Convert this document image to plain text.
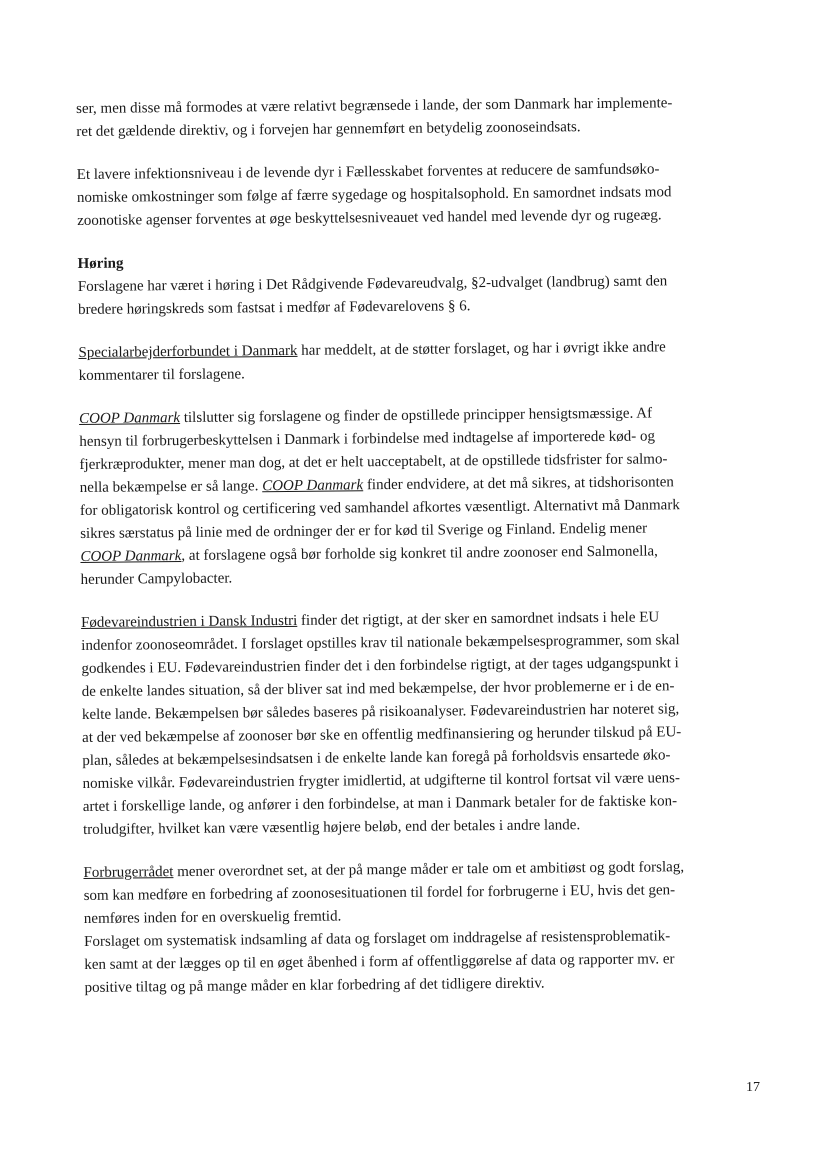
ser, men disse må formodes at være relativt begrænsede i lande, der som Danmark har implemente-
ret det gældende direktiv, og i forvejen har gennemført en betydelig zoonoseindsats.

Et lavere infektionsniveau i de levende dyr i Fællesskabet forventes at reducere de samfundsøko-
nomiske omkostninger som følge af færre sygedage og hospitalsophold. En samordnet indsats mod
zoonotiske agenser forventes at øge beskyttelsesniveauet ved handel med levende dyr og rugeæg.

Høring
Forslagene har været i høring i Det Rådgivende Fødevareudvalg, §2-udvalget (landbrug) samt den
bredere høringskreds som fastsat i medfør af Fødevarelovens § 6.

Specialarbejderforbundet i Danmark har meddelt, at de støtter forslaget, og har i øvrigt ikke andre
kommentarer til forslagene.

COOP Danmark tilslutter sig forslagene og finder de opstillede principper hensigtsmæssige. Af
hensyn til forbrugerbeskyttelsen i Danmark i forbindelse med indtagelse af importerede kød- og
fjerkræprodukter, mener man dog, at det er helt uacceptabelt, at de opstillede tidsfrister for salmo-
nella bekæmpelse er så lange. COOP Danmark finder endvidere, at det må sikres, at tidshorisonten
for obligatorisk kontrol og certificering ved samhandel afkortes væsentligt. Alternativt må Danmark
sikres særstatus på linie med de ordninger der er for kød til Sverige og Finland. Endelig mener
COOP Danmark, at forslagene også bør forholde sig konkret til andre zoonoser end Salmonella,
herunder Campylobacter.

Fødevareindustrien i Dansk Industri finder det rigtigt, at der sker en samordnet indsats i hele EU
indenfor zoonoseområdet. I forslaget opstilles krav til nationale bekæmpelsesprogrammer, som skal
godkendes i EU. Fødevareindustrien finder det i den forbindelse rigtigt, at der tages udgangspunkt i
de enkelte landes situation, så der bliver sat ind med bekæmpelse, der hvor problemerne er i de en-
kelte lande. Bekæmpelsen bør således baseres på risikoanalyser. Fødevareindustrien har noteret sig,
at der ved bekæmpelse af zoonoser bør ske en offentlig medfinansiering og herunder tilskud på EU-
plan, således at bekæmpelsesindsatsen i de enkelte lande kan foregå på forholdsvis ensartede øko-
nomiske vilkår. Fødevareindustrien frygter imidlertid, at udgifterne til kontrol fortsat vil være uens-
artet i forskellige lande, og anfører i den forbindelse, at man i Danmark betaler for de faktiske kon-
troludgifter, hvilket kan være væsentlig højere beløb, end der betales i andre lande.

Forbrugerrådet mener overordnet set, at der på mange måder er tale om et ambitiøst og godt forslag,
som kan medføre en forbedring af zoonosesituationen til fordel for forbrugerne i EU, hvis det gen-
nemføres inden for en overskuelig fremtid.

Forslaget om systematisk indsamling af data og forslaget om inddragelse af resistensproblematik-
ken samt at der lægges op til en øget åbenhed i form af offentliggørelse af data og rapporter mv. er
positive tiltag og på mange måder en klar forbedring af det tidligere direktiv.

17
